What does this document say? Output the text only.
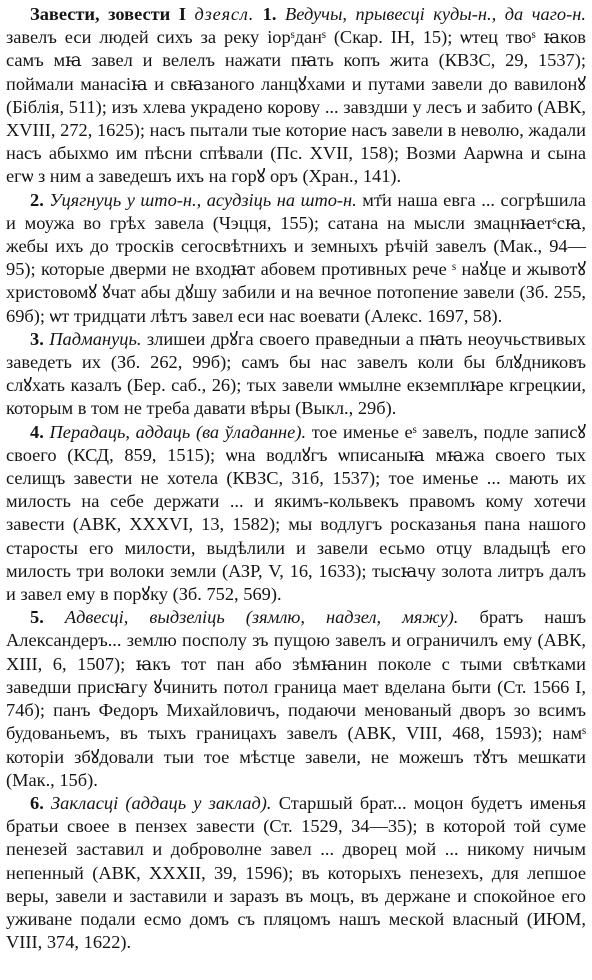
Завести, зовести I дзеясл. 1. Ведучы, прывесці куды-н., да чаго-н. завелъ еси людей сихъ за реку іорˢданˢ (Скар. ІН, 15); ѡтец твоˢ ꙗков самъ мꙗ завел и велелъ нажати пꙗть копъ жита (КВЗС, 29, 1537); поймали манасіꙗ и свꙗзаного ланцꙋхами и путами завели до вавилонꙋ (Біблія, 511); изъ хлева украдено корову ... завздши у лесъ и забито (АВК, XVIII, 272, 1625); насъ пытали тые которие насъ завели в неволю, жадали насъ абыхмо им пѣсни спѣвали (Пс. XVII, 158); Возми Аарѡна и сына егѡ з ним а заведешъ ихъ на горꙋ оръ (Хран., 141).

2. Уцягнуць у што-н., асудзіць на што-н. мт҃и наша евга ... согрѣшила и моужа во грѣх завела (Чэцця, 155); сатана на мысли змацнꙗетˢсꙗ, жебы ихъ до тросків сегосвѣтнихъ и земныхъ рѣчій завелъ (Мак., 94—95); которые дверми не входꙗт абовем противных рече ˢ наꙋце и жывотꙋ христовомꙋ ꙋчат абы дꙋшу забили и на вечное потопение завели (Зб. 255, 69б); ѡт тридцати лѣтъ завел еси нас воевати (Алекс. 1697, 58).

3. Падмануць. злишеи дрꙋга своего праведныи а пꙗть неоучьствивых заведеть их (Зб. 262, 99б); самъ бы нас завелъ коли бы блꙋдниковъ слꙋхать казалъ (Бер. саб., 26); тых завели ѡмылне екземплꙗре кгрецкии, которым в том не треба давати вѣры (Выкл., 29б).

4. Перадаць, аддаць (ва ўладанне). тое именье еˢ завелъ, подле записꙋ своего (КСД, 859, 1515); ѡна водлꙋгъ ѡписаныꙗ мꙗжа своего тых селищъ завести не хотела (КВЗС, 31б, 1537); тое именье ... мають их милость на себе держати ... и якимъ-кольвекъ правомъ кому хотечи завести (АВК, XXXVI, 13, 1582); мы водлугъ росказанья пана нашого старосты его милости, выдѣлили и завели есьмо отцу владыцѣ его милость три волоки земли (АЗР, V, 16, 1633); тысꙗчу золота литръ далъ и завел ему в порꙋку (Зб. 752, 569).

5. Адвесці, выдзеліць (зямлю, надзел, мяжу). братъ нашъ Александеръ... землю посполу зъ пущою завелъ и ограничилъ ему (АВК, XIII, 6, 1507); ꙗкъ тот пан або зѣмꙗнин поколе с тыми свѣтками заведши присꙗгу ꙋчинить потол граница мает вделана быти (Ст. 1566 I, 74б); панъ Федоръ Михайловичъ, подаючи менованый дворъ зо всимъ будованьемъ, въ тыхъ границахъ завелъ (АВК, VIII, 468, 1593); намˢ которіи збꙋдовали тыи тое мѣстце завели, не можешъ тꙋтъ мешкати (Мак., 15б).

6. Закласці (аддаць у заклад). Старшый брат... моцон будетъ именья братьи своее в пензех завести (Ст. 1529, 34—35); в которой той суме пенезей заставил и доброволне завел ... дворец мой ... никому ничым непенный (АВК, XXXII, 39, 1596); въ которыхъ пенезехъ, для лепшое веры, завели и заставили и заразъ въ моцъ, въ держане и спокойное его уживане подали есмо домъ съ пляцомъ нашъ меской власный (ИЮМ, VIII, 374, 1622).
